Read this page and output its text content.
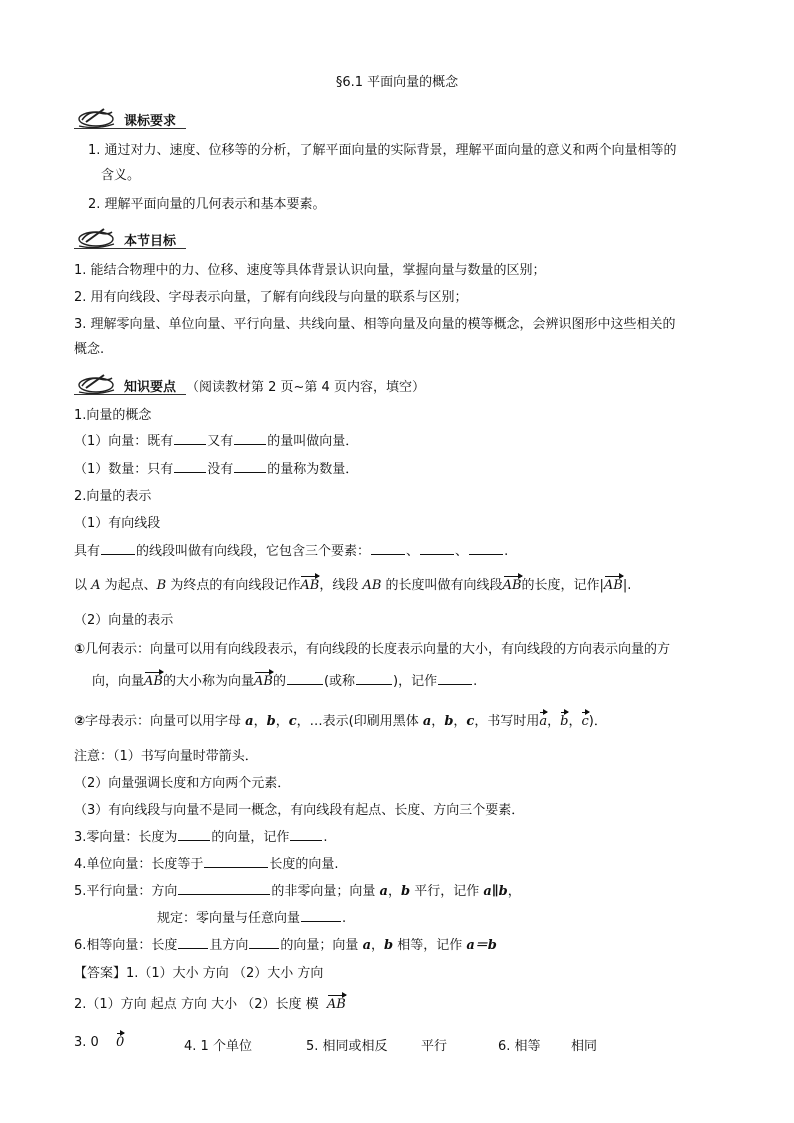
§6.1 平面向量的概念
课标要求
1. 通过对力、速度、位移等的分析，了解平面向量的实际背景，理解平面向量的意义和两个向量相等的
含义。
2. 理解平面向量的几何表示和基本要素。
本节目标
1. 能结合物理中的力、位移、速度等具体背景认识向量，掌握向量与数量的区别；
2. 用有向线段、字母表示向量，了解有向线段与向量的联系与区别；
3. 理解零向量、单位向量、平行向量、共线向量、相等向量及向量的模等概念，会辨识图形中这些相关的
概念.
知识要点 （阅读教材第 2 页~第 4 页内容，填空）
1.向量的概念
（1）向量：既有	又有	的量叫做向量．
（1）数量：只有	没有	的量称为数量．
2.向量的表示
（1）有向线段
具有	的线段叫做有向线段，它包含三个要素：	、	、	.
以 A 为起点、B 为终点的有向线段记作AB，线段 AB 的长度叫做有向线段AB的长度，记作|AB|.
（2）向量的表示
①几何表示：向量可以用有向线段表示，有向线段的长度表示向量的大小，有向线段的方向表示向量的方
向，向量AB的大小称为向量AB的	(或称	)，记作	.
②字母表示：向量可以用字母 a，b，c，…表示(印刷用黑体 a，b，c，书写时用a，b，c)．
注意：（1）书写向量时带箭头．
（2）向量强调长度和方向两个元素．
（3）有向线段与向量不是同一概念，有向线段有起点、长度、方向三个要素．
3.零向量：长度为	的向量，记作	.
4.单位向量：长度等于	长度的向量.
5.平行向量：方向	的非零向量；向量 a，b 平行，记作 a∥b，
规定：零向量与任意向量	.
6.相等向量：长度 且方向 的向量；向量 a，b 相等，记作 a＝b
【答案】1.（1）大小 方向 （2）大小 方向
2.（1）方向 起点 方向 大小 （2）长度 模 AB
3. 0 0	4. 1 个单位	5. 相同或相反	平行	6. 相等 相同
